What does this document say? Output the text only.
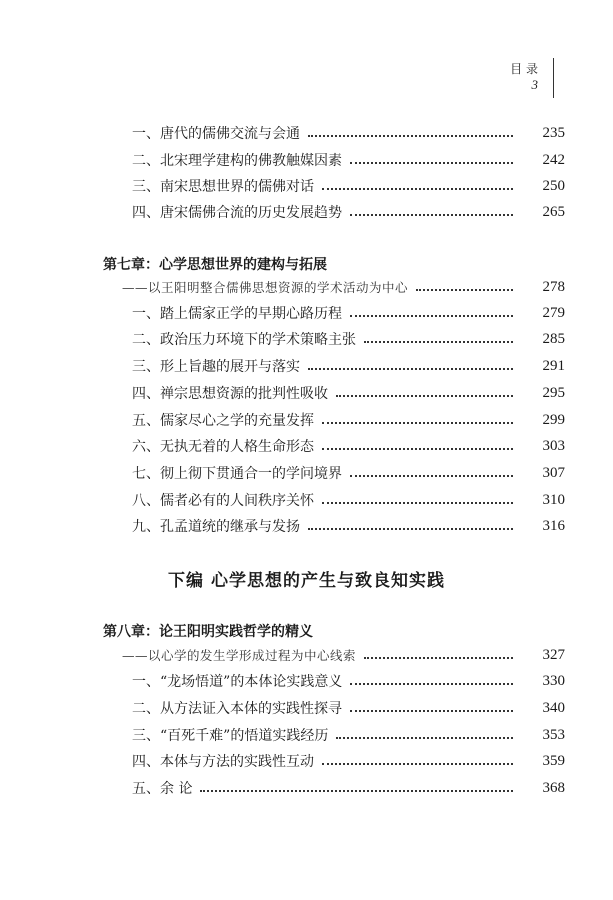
目 录
3
一、唐代的儒佛交流与会通	235
二、北宋理学建构的佛教触媒因素	242
三、南宋思想世界的儒佛对话	250
四、唐宋儒佛合流的历史发展趋势	265
第七章：心学思想世界的建构与拓展
——以王阳明整合儒佛思想资源的学术活动为中心	278
一、踏上儒家正学的早期心路历程	279
二、政治压力环境下的学术策略主张	285
三、形上旨趣的展开与落实	291
四、禅宗思想资源的批判性吸收	295
五、儒家尽心之学的充量发挥	299
六、无执无着的人格生命形态	303
七、彻上彻下贯通合一的学问境界	307
八、儒者必有的人间秩序关怀	310
九、孔孟道统的继承与发扬	316
下编 心学思想的产生与致良知实践
第八章：论王阳明实践哲学的精义
——以心学的发生学形成过程为中心线索	327
一、“龙场悟道”的本体论实践意义	330
二、从方法证入本体的实践性探寻	340
三、“百死千难”的悟道实践经历	353
四、本体与方法的实践性互动	359
五、余 论	368
